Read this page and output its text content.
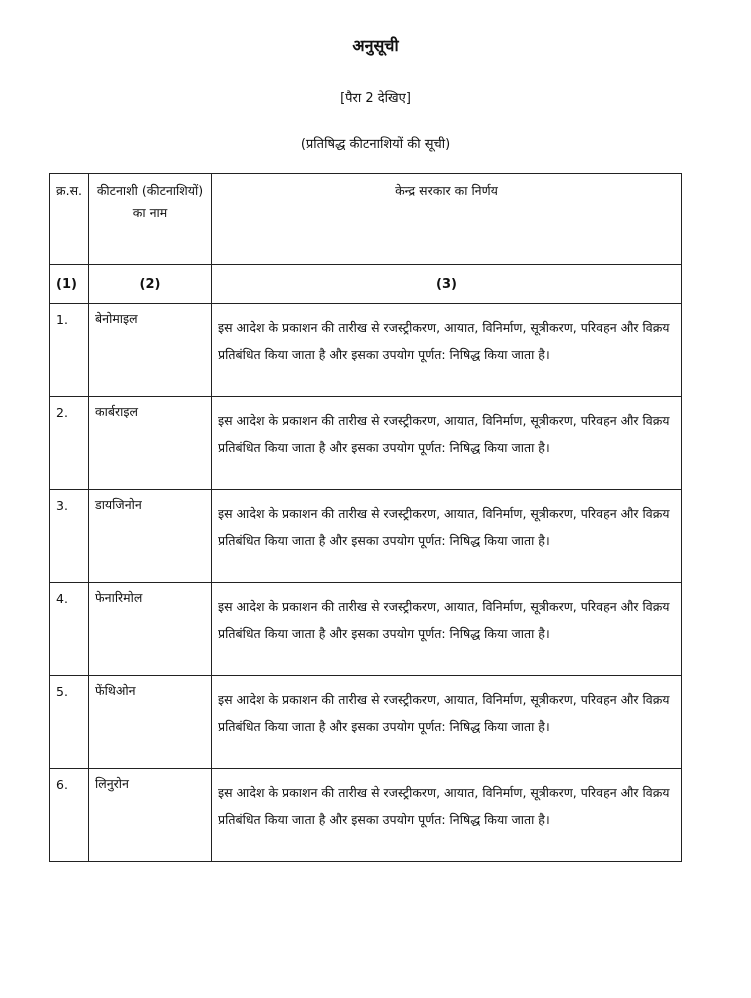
अनुसूची
[पैरा 2 देखिए]
(प्रतिषिद्ध कीटनाशियों की सूची)
क्र.स.	कीटनाशी (कीटनाशियों) का नाम	केन्द्र सरकार का निर्णय
(1)	(2)	(3)
1.	बेनोमाइल	इस आदेश के प्रकाशन की तारीख से रजस्ट्रीकरण, आयात, विनिर्माण, सूत्रीकरण, परिवहन और विक्रय प्रतिबंधित किया जाता है और इसका उपयोग पूर्णत: निषिद्ध किया जाता है।
2.	कार्बराइल	इस आदेश के प्रकाशन की तारीख से रजस्ट्रीकरण, आयात, विनिर्माण, सूत्रीकरण, परिवहन और विक्रय प्रतिबंधित किया जाता है और इसका उपयोग पूर्णत: निषिद्ध किया जाता है।
3.	डायजिनोन	इस आदेश के प्रकाशन की तारीख से रजस्ट्रीकरण, आयात, विनिर्माण, सूत्रीकरण, परिवहन और विक्रय प्रतिबंधित किया जाता है और इसका उपयोग पूर्णत: निषिद्ध किया जाता है।
4.	फेनारिमोल	इस आदेश के प्रकाशन की तारीख से रजस्ट्रीकरण, आयात, विनिर्माण, सूत्रीकरण, परिवहन और विक्रय प्रतिबंधित किया जाता है और इसका उपयोग पूर्णत: निषिद्ध किया जाता है।
5.	फेंथिओन	इस आदेश के प्रकाशन की तारीख से रजस्ट्रीकरण, आयात, विनिर्माण, सूत्रीकरण, परिवहन और विक्रय प्रतिबंधित किया जाता है और इसका उपयोग पूर्णत: निषिद्ध किया जाता है।
6.	लिनुरोन	इस आदेश के प्रकाशन की तारीख से रजस्ट्रीकरण, आयात, विनिर्माण, सूत्रीकरण, परिवहन और विक्रय प्रतिबंधित किया जाता है और इसका उपयोग पूर्णत: निषिद्ध किया जाता है।
